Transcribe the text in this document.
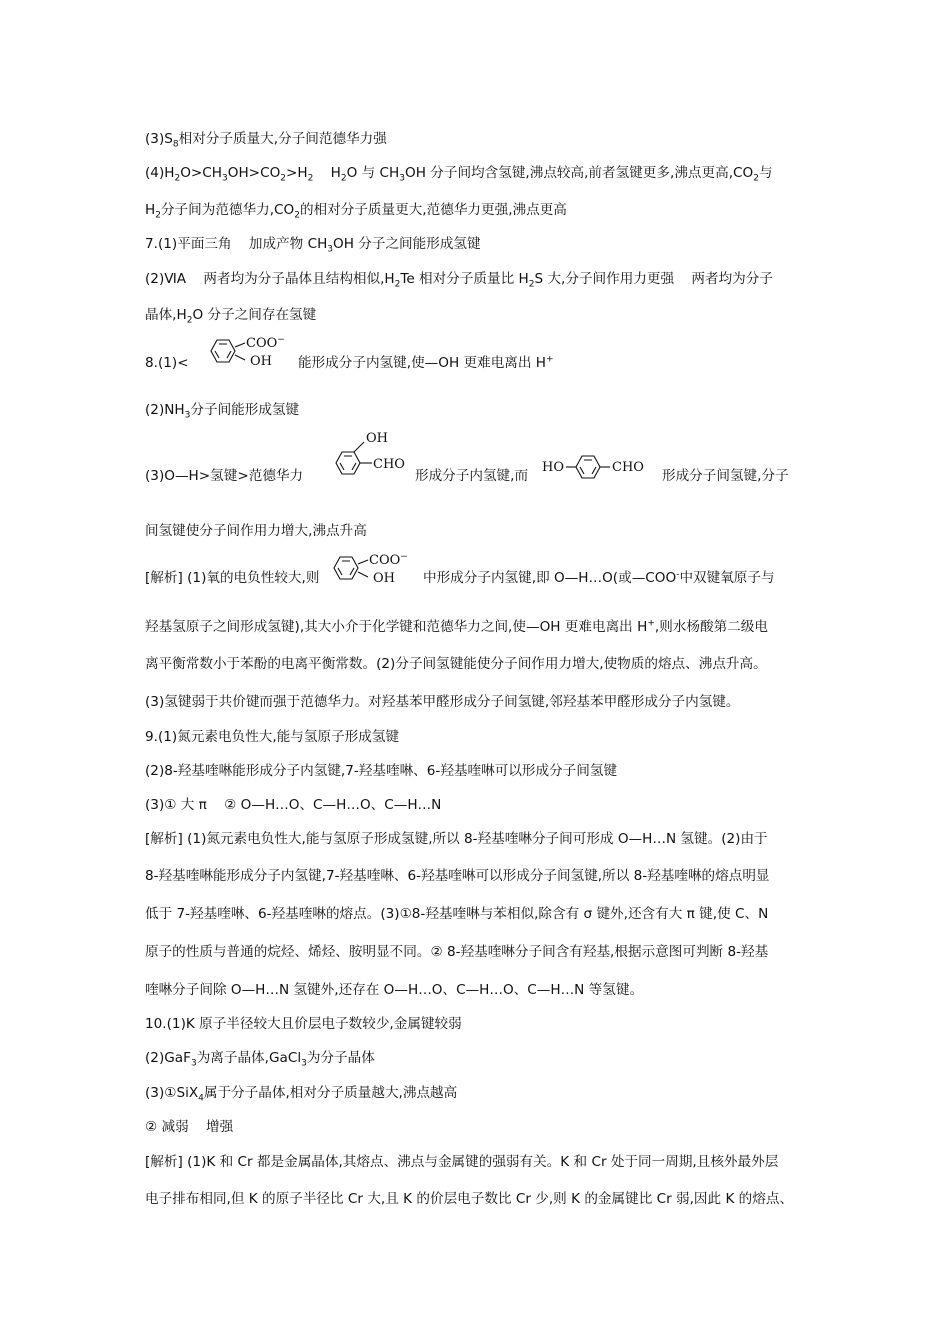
$(3)S_8$相对分子质量大,分子间范德华力强
$(4)H_2O>CH_3OH>CO_2>H_2$    $H_2O$ 与 $CH_3OH$ 分子间均含氢键,沸点较高,前者氢键更多,沸点更高$,CO_2$与
$H_2$分子间为范德华力$,CO_2$的相对分子质量更大,范德华力更强,沸点更高
7.(1)平面三角    加成产物 $CH_3OH$ 分子之间能形成氢键
(2)ⅥA    两者均为分子晶体且结构相似$,H_2Te$ 相对分子质量比 $H_2S$ 大,分子间作用力更强    两者均为分子
晶体$,H_2O$ 分子之间存在氢键
8.(1)<
COO−
OH 能形成分子内氢键,使—OH 更难电离出 H+
$(2)NH_3$分子间能形成氢键
(3)O—H>氢键>范德华力
OH
CHO
形成分子内氢键,而
HO	CHO
形成分子间氢键,分子
间氢键使分子间作用力增大,沸点升高
[解析] (1)氧的电负性较大,则
COO−
OH 中形成分子内氢键,即 O—H…O(或—COO-中双键氧原子与
羟基氢原子之间形成氢键),其大小介于化学键和范德华力之间,使—OH 更难电离出 H+,则水杨酸第二级电
离平衡常数小于苯酚的电离平衡常数。(2)分子间氢键能使分子间作用力增大,使物质的熔点、沸点升高。
(3)氢键弱于共价键而强于范德华力。对羟基苯甲醛形成分子间氢键,邻羟基苯甲醛形成分子内氢键。
9.(1)氮元素电负性大,能与氢原子形成氢键
(2)8-羟基喹啉能形成分子内氢键,7-羟基喹啉、6-羟基喹啉可以形成分子间氢键
(3)① 大 π    ② O—H…O、C—H…O、C—H…N
[解析] (1)氮元素电负性大,能与氢原子形成氢键,所以 8-羟基喹啉分子间可形成 O—H…N 氢键。(2)由于
8-羟基喹啉能形成分子内氢键,7-羟基喹啉、6-羟基喹啉可以形成分子间氢键,所以 8-羟基喹啉的熔点明显
低于 7-羟基喹啉、6-羟基喹啉的熔点。(3)①8-羟基喹啉与苯相似,除含有 σ 键外,还含有大 π 键,使 C、N
原子的性质与普通的烷烃、烯烃、胺明显不同。② 8-羟基喹啉分子间含有羟基,根据示意图可判断 8-羟基
喹啉分子间除 O—H…N 氢键外,还存在 O—H…O、C—H…O、C—H…N 等氢键。
10.(1)K 原子半径较大且价层电子数较少,金属键较弱
(2)GaF$_3$为离子晶体,GaCl$_3$为分子晶体
(3)①SiX$_4$属于分子晶体,相对分子质量越大,沸点越高
② 减弱    增强
[解析] (1)K 和 Cr 都是金属晶体,其熔点、沸点与金属键的强弱有关。K 和 Cr 处于同一周期,且核外最外层
电子排布相同,但 K 的原子半径比 Cr 大,且 K 的价层电子数比 Cr 少,则 K 的金属键比 Cr 弱,因此 K 的熔点、
